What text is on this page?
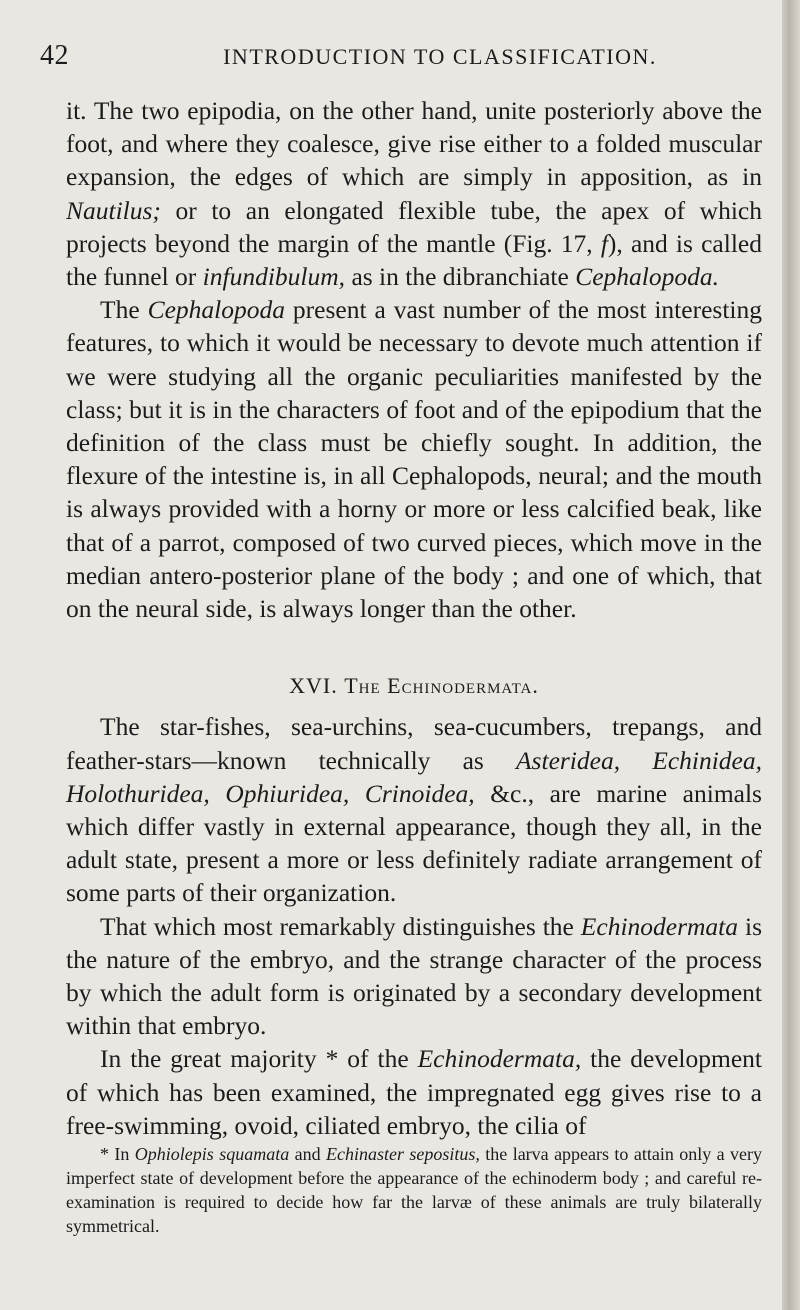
42	INTRODUCTION TO CLASSIFICATION.

it. The two epipodia, on the other hand, unite posteriorly above the foot, and where they coalesce, give rise either to a folded muscular expansion, the edges of which are simply in apposition, as in Nautilus; or to an elongated flexible tube, the apex of which projects beyond the margin of the mantle (Fig. 17, f), and is called the funnel or infundibulum, as in the dibranchiate Cephalopoda.

The Cephalopoda present a vast number of the most interesting features, to which it would be necessary to devote much attention if we were studying all the organic peculiarities manifested by the class; but it is in the characters of foot and of the epipodium that the definition of the class must be chiefly sought. In addition, the flexure of the intestine is, in all Cephalopods, neural; and the mouth is always provided with a horny or more or less calcified beak, like that of a parrot, composed of two curved pieces, which move in the median antero-posterior plane of the body ; and one of which, that on the neural side, is always longer than the other.

XVI. The Echinodermata.

The star-fishes, sea-urchins, sea-cucumbers, trepangs, and feather-stars—known technically as Asteridea, Echinidea, Holothuridea, Ophiuridea, Crinoidea, &c., are marine animals which differ vastly in external appearance, though they all, in the adult state, present a more or less definitely radiate arrangement of some parts of their organization.

That which most remarkably distinguishes the Echinodermata is the nature of the embryo, and the strange character of the process by which the adult form is originated by a secondary development within that embryo.

In the great majority * of the Echinodermata, the development of which has been examined, the impregnated egg gives rise to a free-swimming, ovoid, ciliated embryo, the cilia of

* In Ophiolepis squamata and Echinaster sepositus, the larva appears to attain only a very imperfect state of development before the appearance of the echinoderm body ; and careful re-examination is required to decide how far the larvæ of these animals are truly bilaterally symmetrical.
